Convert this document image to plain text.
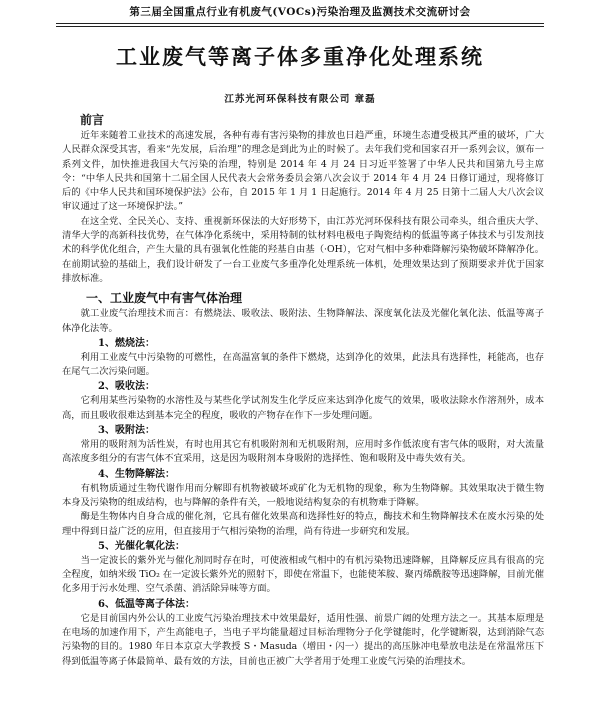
第三届全国重点行业有机废气(VOCs)污染治理及监测技术交流研讨会
工业废气等离子体多重净化处理系统
江苏光河环保科技有限公司 章磊
前言

近年来随着工业技术的高速发展，各种有毒有害污染物的排放也日趋严重，环境生态遭受极其严重的破坏，广大人民群众深受其害，看来“先发展，后治理”的理念是到此为止的时候了。去年我们党和国家召开一系列会议，颁布一系列文件，加快推进我国大气污染的治理，特别是 2014 年 4 月 24 日习近平签署了中华人民共和国第九号主席令：“中华人民共和国第十二届全国人民代表大会常务委员会第八次会议于 2014 年 4 月 24 日修订通过，现将修订后的《中华人民共和国环境保护法》公布，自 2015 年 1 月 1 日起施行。2014 年 4 月 25 日第十二届人大八次会议审议通过了这一环境保护法。”

在这全党、全民关心、支持、重视新环保法的大好形势下，由江苏光河环保科技有限公司牵头，组合重庆大学、清华大学的高新科技优势，在气体净化系统中，采用特制的钛材料电极电子陶瓷结构的低温等离子体技术与引发剂技术的科学优化组合，产生大量的具有强氧化性能的羟基自由基（·OH），它对气相中多种难降解污染物破坏降解净化。在前期试验的基础上，我们设计研发了一台工业废气多重净化处理系统一体机，处理效果达到了预期要求并优于国家排放标准。

一、工业废气中有害气体治理

就工业废气治理技术而言：有燃烧法、吸收法、吸附法、生物降解法、深度氧化法及光催化氧化法、低温等离子体净化法等。

1、燃烧法：

利用工业废气中污染物的可燃性，在高温富氧的条件下燃烧，达到净化的效果，此法具有选择性，耗能高，也存在尾气二次污染问题。

2、吸收法：

它利用某些污染物的水溶性及与某些化学试剂发生化学反应来达到净化废气的效果，吸收法除水作溶剂外，成本高，而且吸收很难达到基本完全的程度，吸收的产物存在作下一步处理问题。

3、吸附法：

常用的吸附剂为活性炭，有时也用其它有机吸附剂和无机吸附剂，应用时多作低浓度有害气体的吸附，对大流量高浓度多组分的有害气体不宜采用，这是因为吸附剂本身吸附的选择性、饱和吸附及中毒失效有关。

4、生物降解法：

有机物质通过生物代谢作用而分解即有机物被破坏或矿化为无机物的现象，称为生物降解。其效果取决于微生物本身及污染物的组成结构，也与降解的条件有关，一般地说结构复杂的有机物难于降解。

酶是生物体内自身合成的催化剂，它具有催化效果高和选择性好的特点，酶技术和生物降解技术在废水污染的处理中得到日益广泛的应用，但直接用于气相污染物的治理，尚有待进一步研究和发展。

5、光催化氧化法：

当一定波长的紫外光与催化剂同时存在时，可使液相或气相中的有机污染物迅速降解，且降解反应具有很高的完全程度，如纳米级 TiO₂ 在一定波长紫外光的照射下，即使在常温下，也能使苯胺、聚丙烯酰胺等迅速降解，目前光催化多用于污水处理、空气杀菌、消活除异味等方面。

6、低温等离子体法：

它是目前国内外公认的工业废气污染治理技术中效果最好，适用性强、前景广阔的处理方法之一。其基本原理是在电场的加速作用下，产生高能电子，当电子平均能量超过目标治理物分子化学键能时，化学键断裂，达到消除气态污染物的目的。1980 年日本京京大学教授 S・Masuda（增田・闪一）提出的高压脉冲电晕放电法是在常温常压下得到低温等离子体最简单、最有效的方法，目前也正被广大学者用于处理工业废气污染的治理技术。
